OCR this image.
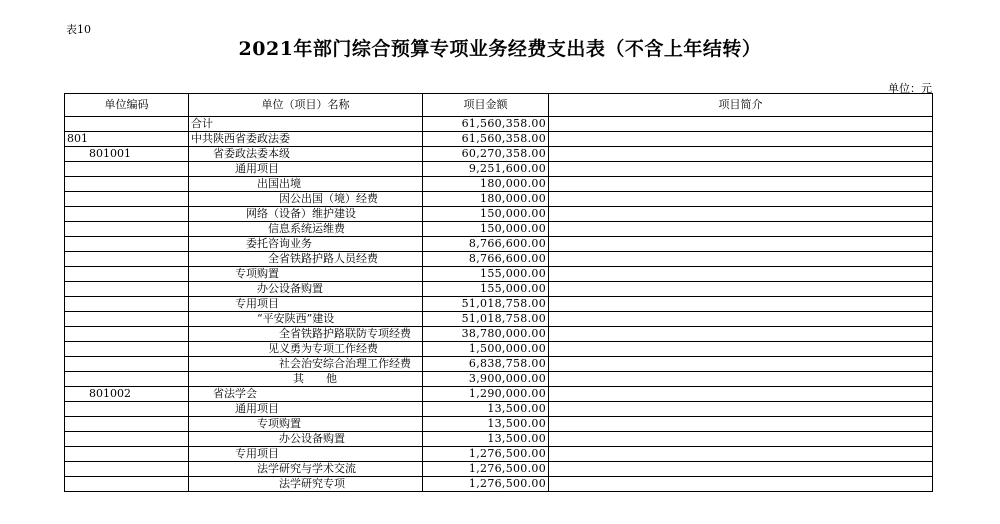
表10
2021年部门综合预算专项业务经费支出表（不含上年结转）
单位：元
单位编码	单位（项目）名称	项目金额	项目简介
	合计	61,560,358.00	
801	中共陕西省委政法委	61,560,358.00	
801001	省委政法委本级	60,270,358.00	
	通用项目	9,251,600.00	
	出国出境	180,000.00	
	因公出国（境）经费	180,000.00	
	网络（设备）维护建设	150,000.00	
	信息系统运维费	150,000.00	
	委托咨询业务	8,766,600.00	
	全省铁路护路人员经费	8,766,600.00	
	专项购置	155,000.00	
	办公设备购置	155,000.00	
	专用项目	51,018,758.00	
	“平安陕西”建设	51,018,758.00	
	全省铁路护路联防专项经费	38,780,000.00	
	见义勇为专项工作经费	1,500,000.00	
	社会治安综合治理工作经费	6,838,758.00	
	其　　他	3,900,000.00	
801002	省法学会	1,290,000.00	
	通用项目	13,500.00	
	专项购置	13,500.00	
	办公设备购置	13,500.00	
	专用项目	1,276,500.00	
	法学研究与学术交流	1,276,500.00	
	法学研究专项	1,276,500.00	
